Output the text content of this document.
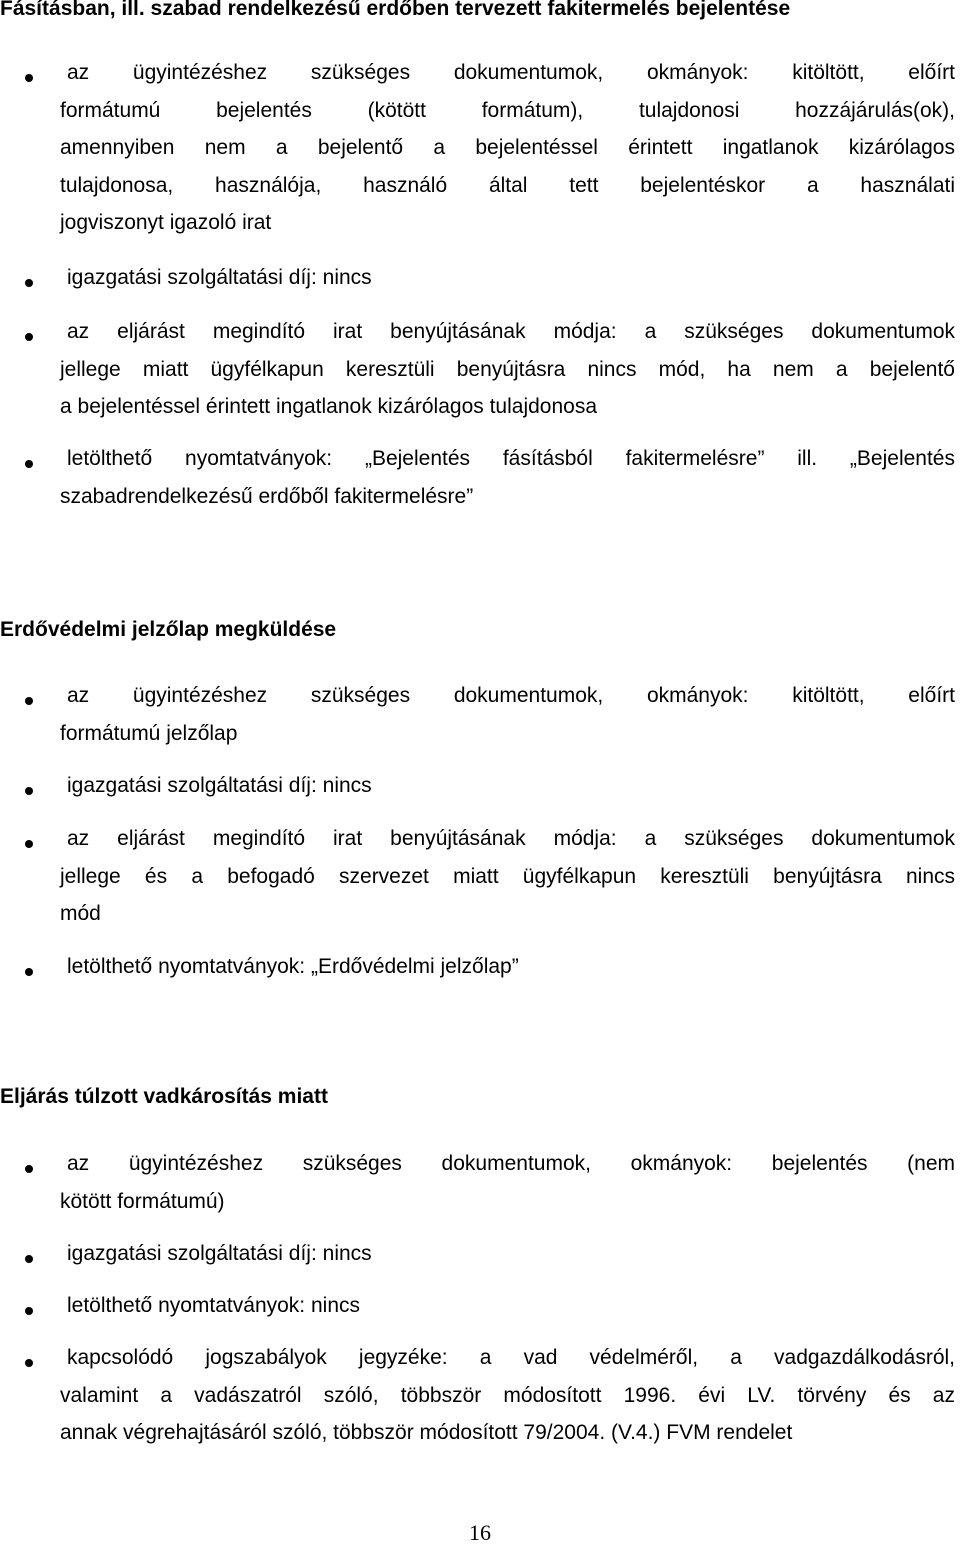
Fásításban, ill. szabad rendelkezésű erdőben tervezett fakitermelés bejelentése
16
az ügyintézéshez szükséges dokumentumok, okmányok: kitöltött, előírt
formátumú bejelentés (kötött formátum), tulajdonosi hozzájárulás(ok),
amennyiben nem a bejelentő a bejelentéssel érintett ingatlanok kizárólagos
tulajdonosa, használója, használó által tett bejelentéskor a használati
jogviszonyt igazoló irat
igazgatási szolgáltatási díj: nincs
az eljárást megindító irat benyújtásának módja: a szükséges dokumentumok
jellege miatt ügyfélkapun keresztüli benyújtásra nincs mód, ha nem a bejelentő
a bejelentéssel érintett ingatlanok kizárólagos tulajdonosa
letölthető nyomtatványok: „Bejelentés fásításból fakitermelésre” ill. „Bejelentés
szabadrendelkezésű erdőből fakitermelésre”
Erdővédelmi jelzőlap megküldése
az ügyintézéshez szükséges dokumentumok, okmányok: kitöltött, előírt
formátumú jelzőlap
igazgatási szolgáltatási díj: nincs
az eljárást megindító irat benyújtásának módja: a szükséges dokumentumok
jellege és a befogadó szervezet miatt ügyfélkapun keresztüli benyújtásra nincs
mód
letölthető nyomtatványok: „Erdővédelmi jelzőlap”
Eljárás túlzott vadkárosítás miatt
az ügyintézéshez szükséges dokumentumok, okmányok: bejelentés (nem
kötött formátumú)
igazgatási szolgáltatási díj: nincs
letölthető nyomtatványok: nincs
kapcsolódó jogszabályok jegyzéke: a vad védelméről, a vadgazdálkodásról,
valamint a vadászatról szóló, többször módosított 1996. évi LV. törvény és az
annak végrehajtásáról szóló, többször módosított 79/2004. (V.4.) FVM rendelet
